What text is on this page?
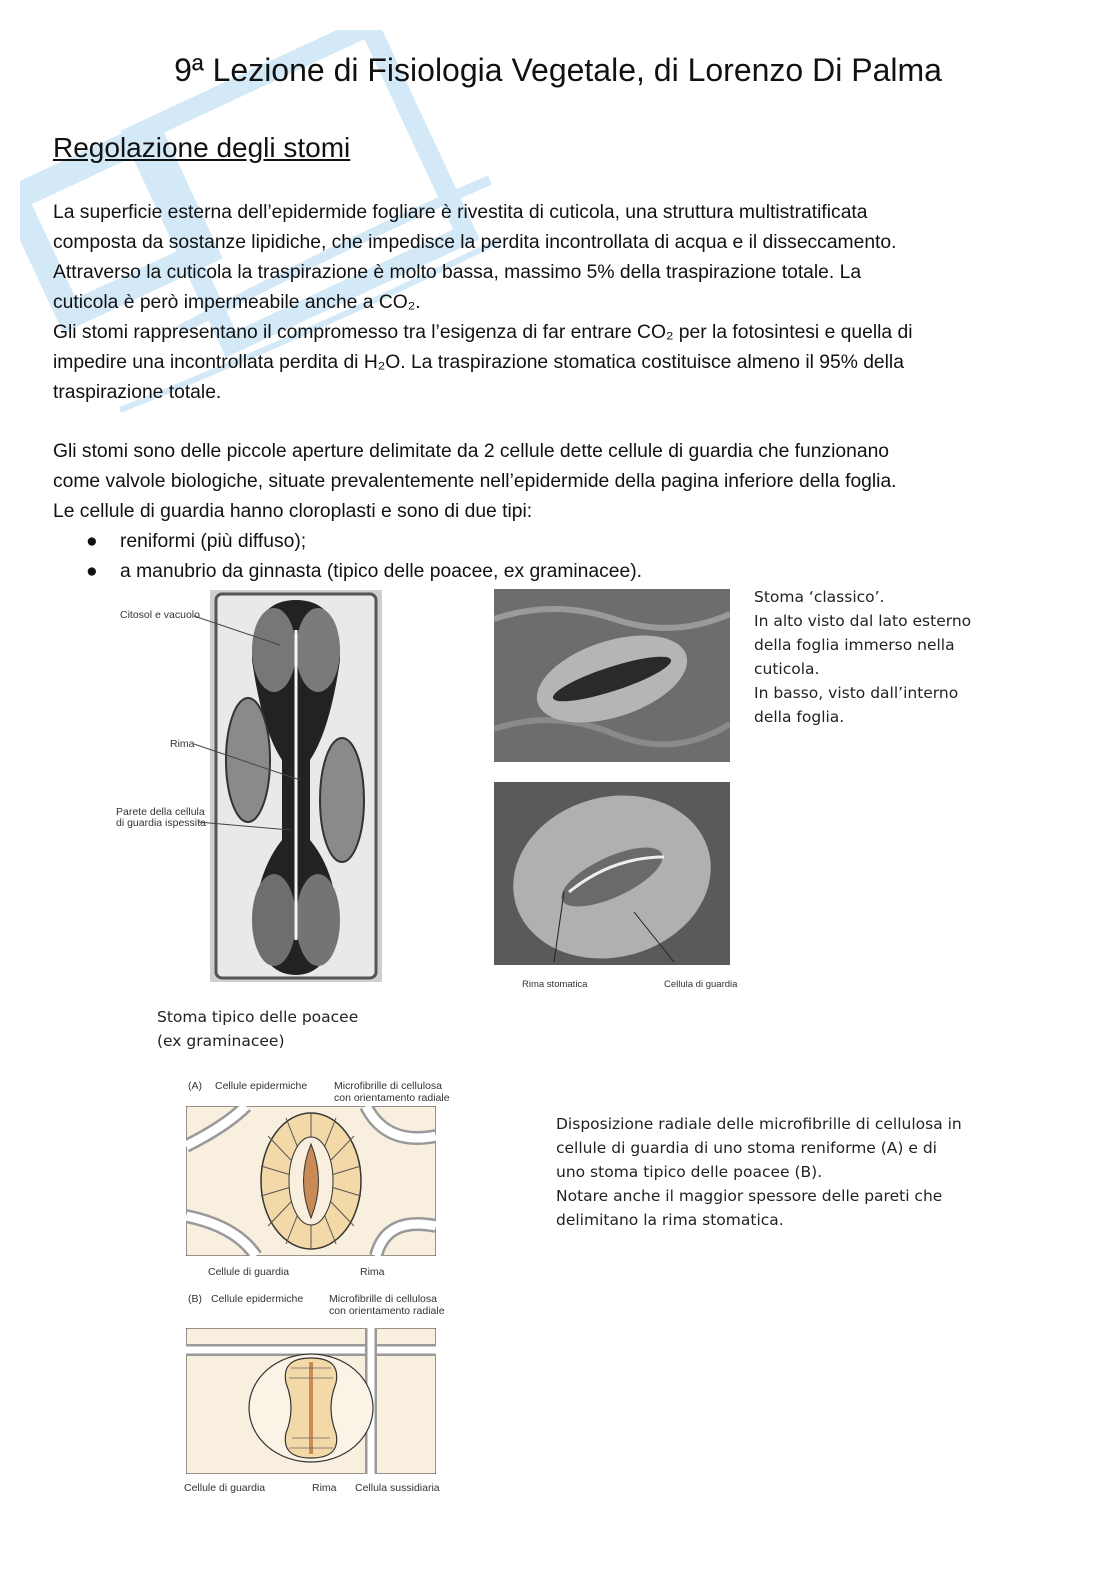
9ª Lezione di Fisiologia Vegetale, di Lorenzo Di Palma
Regolazione degli stomi
La superficie esterna dell’epidermide fogliare è rivestita di cuticola, una struttura multistratificata
composta da sostanze lipidiche, che impedisce la perdita incontrollata di acqua e il disseccamento.
Attraverso la cuticola la traspirazione è molto bassa, massimo 5% della traspirazione totale. La
cuticola è però impermeabile anche a CO₂.
Gli stomi rappresentano il compromesso tra l’esigenza di far entrare CO₂ per la fotosintesi e quella di
impedire una incontrollata perdita di H₂O. La traspirazione stomatica costituisce almeno il 95% della
traspirazione totale.
Gli stomi sono delle piccole aperture delimitate da 2 cellule dette cellule di guardia che funzionano
come valvole biologiche, situate prevalentemente nell’epidermide della pagina inferiore della foglia.
Le cellule di guardia hanno cloroplasti e sono di due tipi:
● reniformi (più diffuso);
● a manubrio da ginnasta (tipico delle poacee, ex graminacee).
Citosol e vacuolo
Rima
Parete della cellula
di guardia ispessita
Rima stomatica	Cellula di guardia
Stoma ‘classico’.
In alto visto dal lato esterno
della foglia immerso nella
cuticola.
In basso, visto dall’interno
della foglia.
Stoma tipico delle poacee
(ex graminacee)
(A) Cellule epidermiche	Microfibrille di cellulosa
con orientamento radiale
Cellule di guardia	Rima
(B) Cellule epidermiche Microfibrille di cellulosa
con orientamento radiale
Cellule di guardia	Rima Cellula sussidiaria
Disposizione radiale delle microfibrille di cellulosa in
cellule di guardia di uno stoma reniforme (A) e di
uno stoma tipico delle poacee (B).
Notare anche il maggior spessore delle pareti che
delimitano la rima stomatica.
